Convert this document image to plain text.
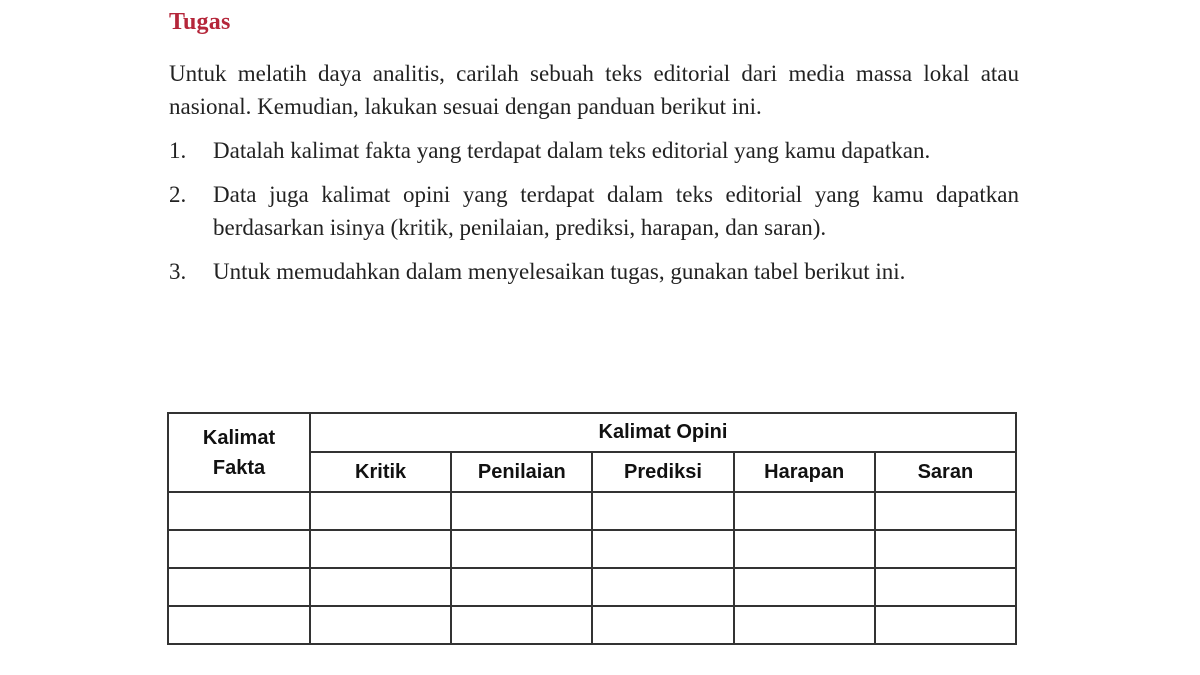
Tugas

Untuk melatih daya analitis, carilah sebuah teks editorial dari media massa lokal atau nasional. Kemudian, lakukan sesuai dengan panduan berikut ini.

1. Datalah kalimat fakta yang terdapat dalam teks editorial yang kamu dapatkan.
2. Data juga kalimat opini yang terdapat dalam teks editorial yang kamu dapatkan berdasarkan isinya (kritik, penilaian, prediksi, harapan, dan saran).
3. Untuk memudahkan dalam menyelesaikan tugas, gunakan tabel berikut ini.
Kalimat
Fakta	Kalimat Opini				
	Kritik	Penilaian	Prediksi	Harapan	Saran
